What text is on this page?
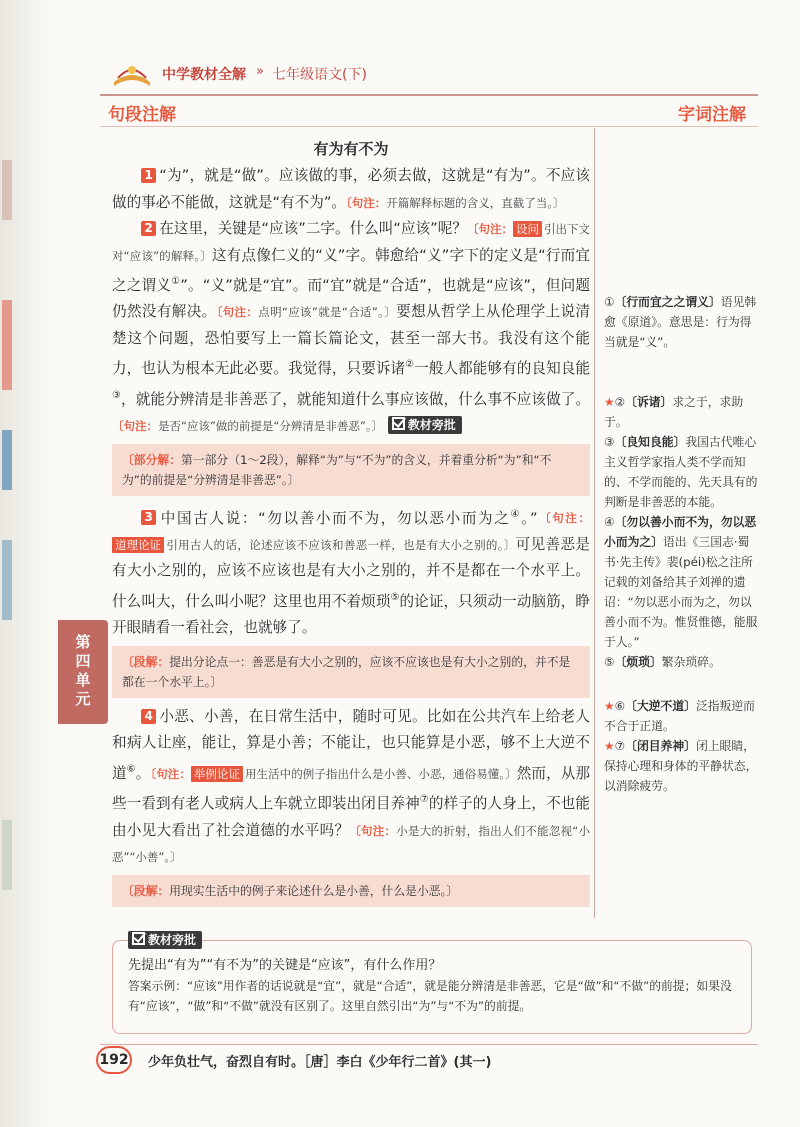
中学教材全解 » 七年级语文(下)
句段注解	字词注解
第四单元
有为有不为

1 “为”，就是“做”。应该做的事，必须去做，这就是“有为”。不应该做的事必不能做，这就是“有不为”。〔句注：开篇解释标题的含义，直截了当。〕

2 在这里，关键是“应该”二字。什么叫“应该”呢？〔句注： 设问 引出下文对“应该”的解释。〕这有点像仁义的“义”字。韩愈给“义”字下的定义是“行而宜之之谓义①”。“义”就是“宜”。而“宜”就是“合适”，也就是“应该”，但问题仍然没有解决。〔句注：点明“应该”就是“合适”。〕要想从哲学上从伦理学上说清楚这个问题，恐怕要写上一篇长篇论文，甚至一部大书。我没有这个能力，也认为根本无此必要。我觉得，只要诉诸②一般人都能够有的良知良能③，就能分辨清是非善恶了，就能知道什么事应该做，什么事不应该做了。〔句注：是否“应该”做的前提是“分辨清是非善恶”。〕 教材旁批

〔部分解：第一部分（1～2段），解释“为”与“不为”的含义，并着重分析“为”和“不为”的前提是“分辨清是非善恶”。〕

3 中国古人说：“勿以善小而不为，勿以恶小而为之④。”〔句注：道理论证 引用古人的话，论述应该不应该和善恶一样，也是有大小之别的。〕可见善恶是有大小之别的，应该不应该也是有大小之别的，并不是都在一个水平上。什么叫大，什么叫小呢？这里也用不着烦琐⑤的论证，只须动一动脑筋，睁开眼睛看一看社会，也就够了。

〔段解：提出分论点一：善恶是有大小之别的，应该不应该也是有大小之别的，并不是都在一个水平上。〕

4 小恶、小善，在日常生活中，随时可见。比如在公共汽车上给老人和病人让座，能让，算是小善；不能让，也只能算是小恶，够不上大逆不道⑥。〔句注： 举例论证 用生活中的例子指出什么是小善、小恶，通俗易懂。〕然而，从那些一看到有老人或病人上车就立即装出闭目养神⑦的样子的人身上，不也能由小见大看出了社会道德的水平吗？〔句注：小是大的折射，指出人们不能忽视“小恶”“小善”。〕

〔段解：用现实生活中的例子来论述什么是小善，什么是小恶。〕
①〔行而宜之之谓义〕语见韩愈《原道》。意思是：行为得当就是“义”。
★②〔诉诸〕求之于，求助于。
③〔良知良能〕我国古代唯心主义哲学家指人类不学而知的、不学而能的、先天具有的判断是非善恶的本能。
④〔勿以善小而不为，勿以恶小而为之〕语出《三国志·蜀书·先主传》裴(péi)松之注所记载的刘备给其子刘禅的遗诏：“勿以恶小而为之，勿以善小而不为。惟贤惟德，能服于人。”
⑤〔烦琐〕繁杂琐碎。
★⑥〔大逆不道〕泛指叛逆而不合于正道。
★⑦〔闭目养神〕闭上眼睛，保持心理和身体的平静状态，以消除疲劳。
教材旁批
先提出“有为”“有不为”的关键是“应该”，有什么作用？
答案示例：“应该”用作者的话说就是“宜”，就是“合适”，就是能分辨清是非善恶，它是“做”和“不做”的前提；如果没有“应该”，“做”和“不做”就没有区别了。这里自然引出“为”与“不为”的前提。
192 少年负壮气，奋烈自有时。［唐］李白《少年行二首》(其一)
